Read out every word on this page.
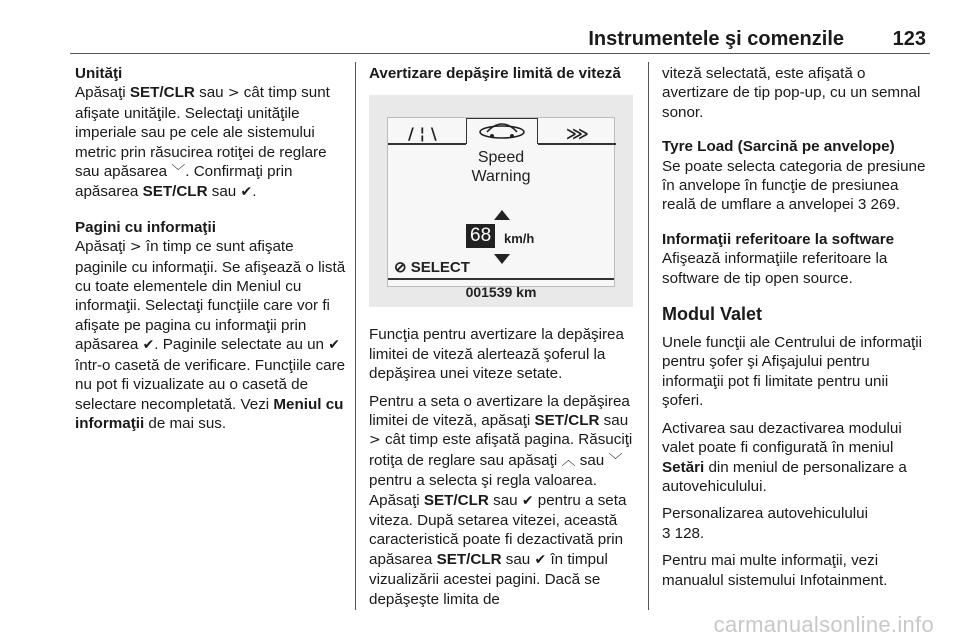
Instrumentele şi comenzile 123

Unităţi
Apăsaţi SET/CLR sau > cât timp sunt afişate unităţile. Selectaţi unităţile imperiale sau pe cele ale sistemului metric prin răsucirea rotiţei de reglare sau apăsarea ﹀. Confirmaţi prin apăsarea SET/CLR sau ✔.

Pagini cu informaţii
Apăsaţi > în timp ce sunt afişate paginile cu informaţii. Se afişează o listă cu toate elementele din Meniul cu informaţii. Selectaţi funcţiile care vor fi afişate pe pagina cu informaţii prin apăsarea ✔. Paginile selectate au un ✔ într-o casetă de verificare. Funcţiile care nu pot fi vizualizate au o casetă de selectare necompletată. Vezi Meniul cu informaţii de mai sus.

Avertizare depăşire limită de viteză
/ ¦ \	⋙
Speed
Warning
68 km/h
⊘ SELECT
001539 km

Funcţia pentru avertizare la depăşirea limitei de viteză alertează şoferul la depăşirea unei viteze setate.

Pentru a seta o avertizare la depăşirea limitei de viteză, apăsaţi SET/CLR sau > cât timp este afişată pagina. Răsuciţi rotiţa de reglare sau apăsaţi ︿ sau ﹀ pentru a selecta şi regla valoarea. Apăsaţi SET/CLR sau ✔ pentru a seta viteza. După setarea vitezei, această caracteristică poate fi dezactivată prin apăsarea SET/CLR sau ✔ în timpul vizualizării acestei pagini. Dacă se depăşeşte limita de

viteză selectată, este afişată o avertizare de tip pop-up, cu un semnal sonor.

Tyre Load (Sarcină pe anvelope)
Se poate selecta categoria de presiune în anvelope în funcţie de presiunea reală de umflare a anvelopei 3 269.

Informaţii referitoare la software
Afişează informaţiile referitoare la software de tip open source.

Modul Valet

Unele funcţii ale Centrului de informaţii pentru şofer şi Afişajului pentru informaţii pot fi limitate pentru unii şoferi.

Activarea sau dezactivarea modului valet poate fi configurată în meniul Setări din meniul de personalizare a autovehiculului.

Personalizarea autovehiculului
3 128.

Pentru mai multe informaţii, vezi manualul sistemului Infotainment.

carmanualsonline.info
